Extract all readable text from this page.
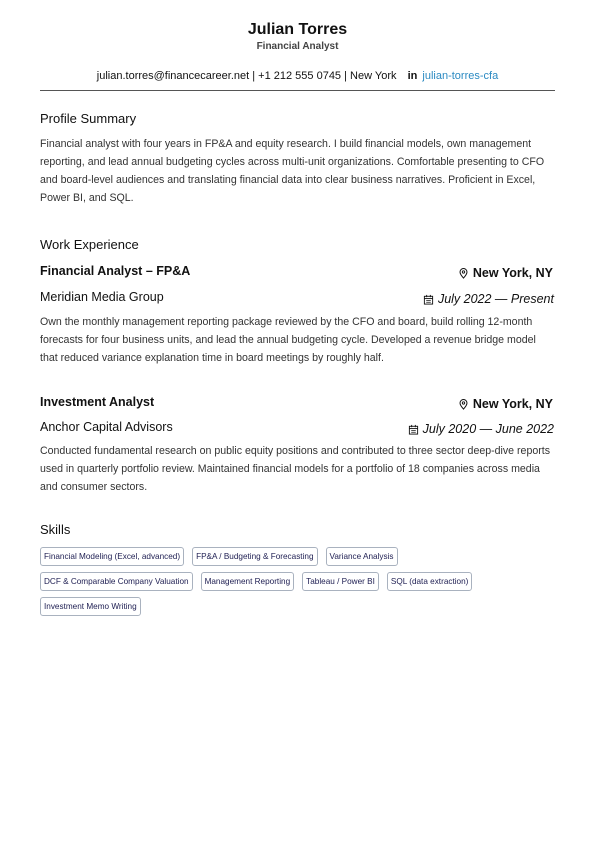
Julian Torres
Financial Analyst
julian.torres@financecareer.net | +1 212 555 0745 | New York in julian-torres-cfa
Profile Summary
Financial analyst with four years in FP&A and equity research. I build financial models, own management reporting, and lead annual budgeting cycles across multi-unit organizations. Comfortable presenting to CFO and board-level audiences and translating financial data into clear business narratives. Proficient in Excel, Power BI, and SQL.
Work Experience
Financial Analyst – FP&A	New York, NY
Meridian Media Group	July 2022 — Present
Own the monthly management reporting package reviewed by the CFO and board, build rolling 12-month forecasts for four business units, and lead the annual budgeting cycle. Developed a revenue bridge model that reduced variance explanation time in board meetings by roughly half.
Investment Analyst	New York, NY
Anchor Capital Advisors	July 2020 — June 2022
Conducted fundamental research on public equity positions and contributed to three sector deep-dive reports used in quarterly portfolio review. Maintained financial models for a portfolio of 18 companies across media and consumer sectors.
Skills
Financial Modeling (Excel, advanced)	FP&A / Budgeting & Forecasting	Variance Analysis
DCF & Comparable Company Valuation	Management Reporting	Tableau / Power BI	SQL (data extraction)
Investment Memo Writing
